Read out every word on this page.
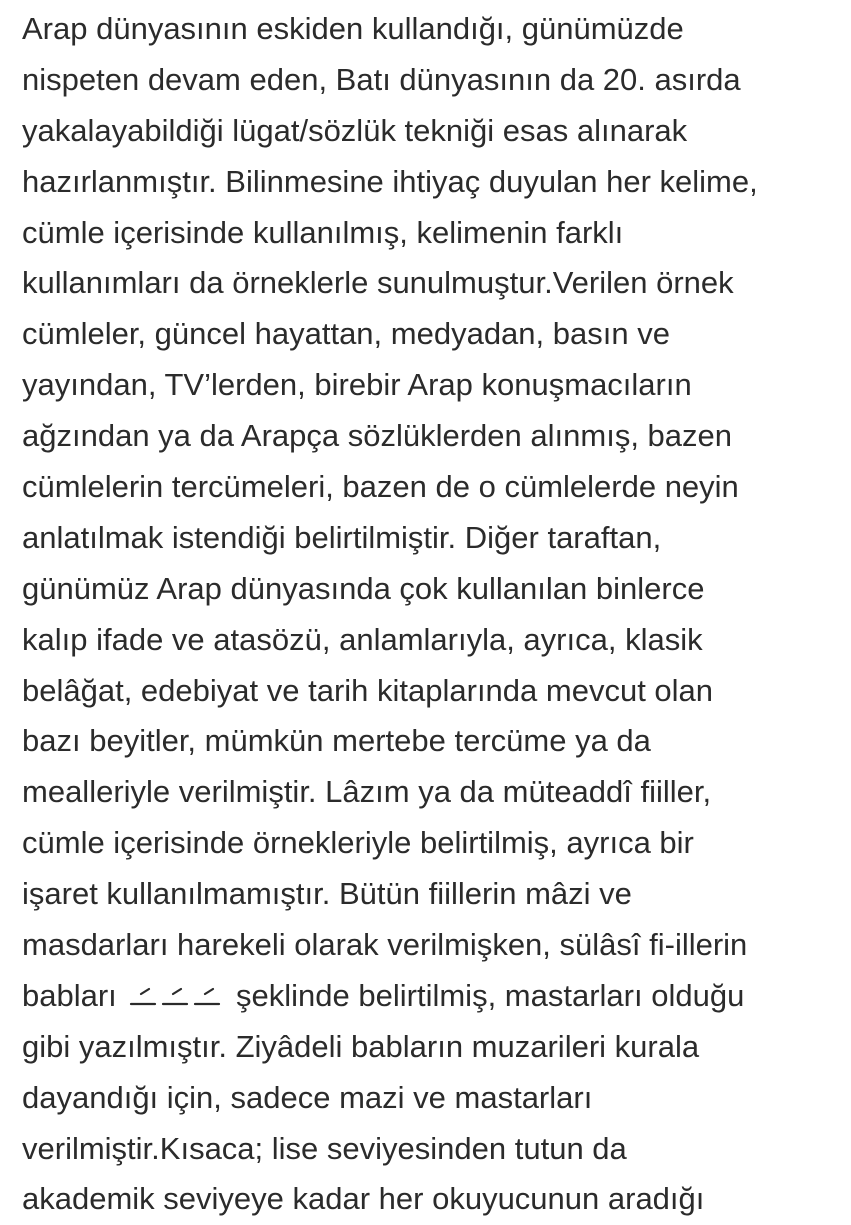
Arap dünyasının eskiden kullandığı, günümüzde
nispeten devam eden, Batı dünyasının da 20. asırda
yakalayabildiği lügat/sözlük tekniği esas alınarak
hazırlanmıştır. Bilinmesine ihtiyaç duyulan her kelime,
cümle içerisinde kullanılmış, kelimenin farklı
kullanımları da örneklerle sunulmuştur.Verilen örnek
cümleler, güncel hayattan, medyadan, basın ve
yayından, TV’lerden, birebir Arap konuşmacıların
ağzından ya da Arapça sözlüklerden alınmış, bazen
cümlelerin tercümeleri, bazen de o cümlelerde neyin
anlatılmak istendiği belirtilmiştir. Diğer taraftan,
günümüz Arap dünyasında çok kullanılan binlerce
kalıp ifade ve atasözü, anlamlarıyla, ayrıca, klasik
belâğat, edebiyat ve tarih kitaplarında mevcut olan
bazı beyitler, mümkün mertebe tercüme ya da
mealleriyle verilmiştir. Lâzım ya da müteaddî fiiller,
cümle içerisinde örnekleriyle belirtilmiş, ayrıca bir
işaret kullanılmamıştır. Bütün fiillerin mâzi ve
masdarları harekeli olarak verilmişken, sülâsî fi-illerin
babları	şeklinde belirtilmiş, mastarları olduğu
gibi yazılmıştır. Ziyâdeli babların muzarileri kurala
dayandığı için, sadece mazi ve mastarları
verilmiştir.Kısaca; lise seviyesinden tutun da
akademik seviyeye kadar her okuyucunun aradığı
